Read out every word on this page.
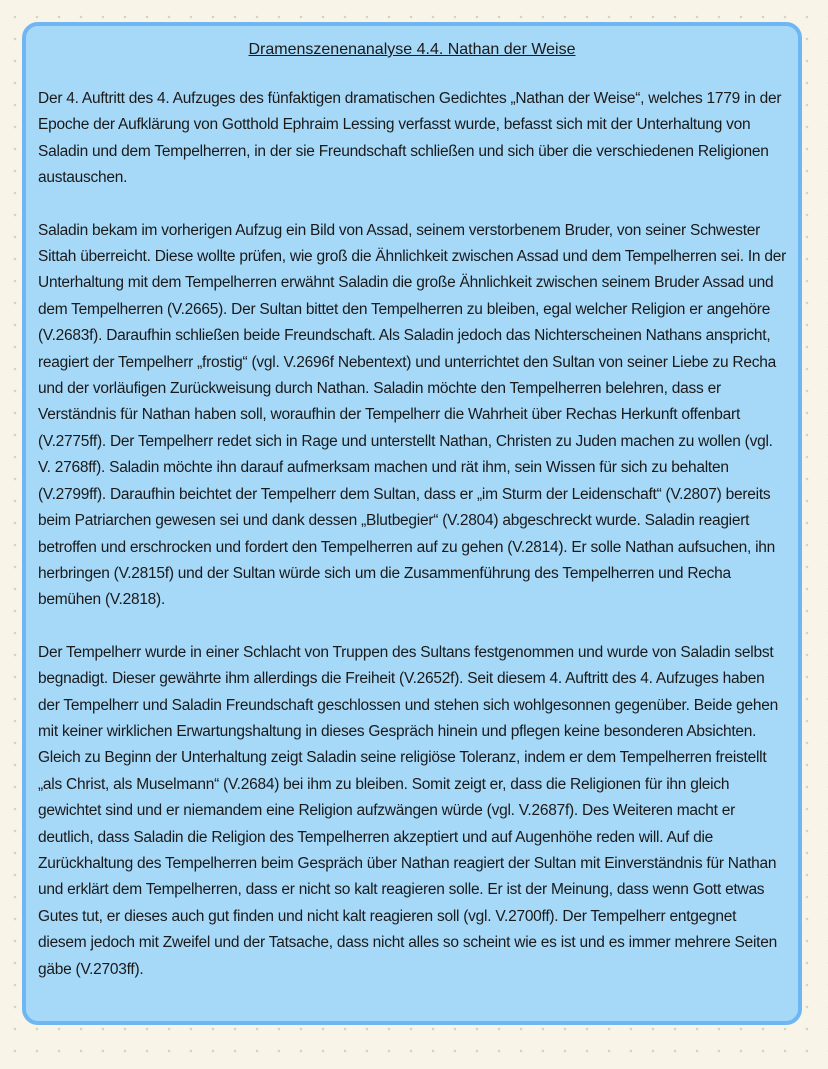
Dramenszenenanalyse 4.4. Nathan der Weise
Der 4. Auftritt des 4. Aufzuges des fünfaktigen dramatischen Gedichtes „Nathan der Weise“, welches 1779 in der Epoche der Aufklärung von Gotthold Ephraim Lessing verfasst wurde, befasst sich mit der Unterhaltung von Saladin und dem Tempelherren, in der sie Freundschaft schließen und sich über die verschiedenen Religionen austauschen.
Saladin bekam im vorherigen Aufzug ein Bild von Assad, seinem verstorbenem Bruder, von seiner Schwester Sittah überreicht. Diese wollte prüfen, wie groß die Ähnlichkeit zwischen Assad und dem Tempelherren sei. In der Unterhaltung mit dem Tempelherren erwähnt Saladin die große Ähnlichkeit zwischen seinem Bruder Assad und dem Tempelherren (V.2665). Der Sultan bittet den Tempelherren zu bleiben, egal welcher Religion er angehöre (V.2683f). Daraufhin schließen beide Freundschaft. Als Saladin jedoch das Nichterscheinen Nathans anspricht, reagiert der Tempelherr „frostig“ (vgl. V.2696f Nebentext) und unterrichtet den Sultan von seiner Liebe zu Recha und der vorläufigen Zurückweisung durch Nathan. Saladin möchte den Tempelherren belehren, dass er Verständnis für Nathan haben soll, woraufhin der Tempelherr die Wahrheit über Rechas Herkunft offenbart (V.2775ff). Der Tempelherr redet sich in Rage und unterstellt Nathan, Christen zu Juden machen zu wollen (vgl. V. 2768ff). Saladin möchte ihn darauf aufmerksam machen und rät ihm, sein Wissen für sich zu behalten (V.2799ff). Daraufhin beichtet der Tempelherr dem Sultan, dass er „im Sturm der Leidenschaft“ (V.2807) bereits beim Patriarchen gewesen sei und dank dessen „Blutbegier“ (V.2804) abgeschreckt wurde. Saladin reagiert betroffen und erschrocken und fordert den Tempelherren auf zu gehen (V.2814). Er solle Nathan aufsuchen, ihn herbringen (V.2815f) und der Sultan würde sich um die Zusammenführung des Tempelherren und Recha bemühen (V.2818).
Der Tempelherr wurde in einer Schlacht von Truppen des Sultans festgenommen und wurde von Saladin selbst begnadigt. Dieser gewährte ihm allerdings die Freiheit (V.2652f). Seit diesem 4. Auftritt des 4. Aufzuges haben der Tempelherr und Saladin Freundschaft geschlossen und stehen sich wohlgesonnen gegenüber. Beide gehen mit keiner wirklichen Erwartungshaltung in dieses Gespräch hinein und pflegen keine besonderen Absichten. Gleich zu Beginn der Unterhaltung zeigt Saladin seine religiöse Toleranz, indem er dem Tempelherren freistellt „als Christ, als Muselmann“ (V.2684) bei ihm zu bleiben. Somit zeigt er, dass die Religionen für ihn gleich gewichtet sind und er niemandem eine Religion aufzwängen würde (vgl. V.2687f). Des Weiteren macht er deutlich, dass Saladin die Religion des Tempelherren akzeptiert und auf Augenhöhe reden will. Auf die Zurückhaltung des Tempelherren beim Gespräch über Nathan reagiert der Sultan mit Einverständnis für Nathan und erklärt dem Tempelherren, dass er nicht so kalt reagieren solle. Er ist der Meinung, dass wenn Gott etwas Gutes tut, er dieses auch gut finden und nicht kalt reagieren soll (vgl. V.2700ff). Der Tempelherr entgegnet diesem jedoch mit Zweifel und der Tatsache, dass nicht alles so scheint wie es ist und es immer mehrere Seiten gäbe (V.2703ff).
